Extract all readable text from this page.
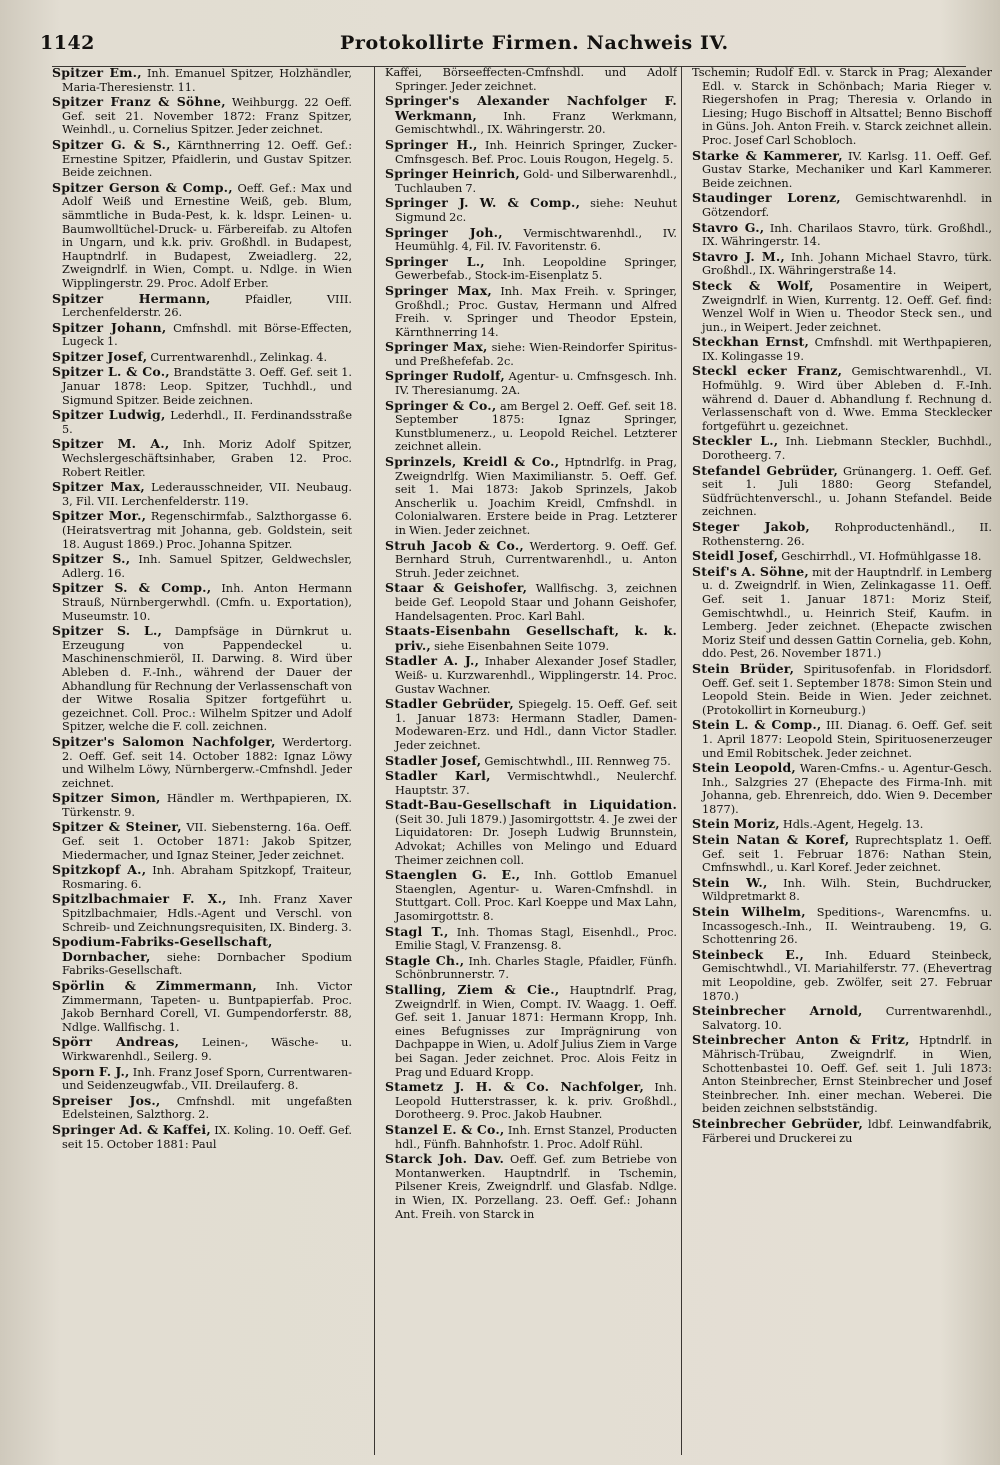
1142	Protokollirte Firmen. Nachweis IV.

Spitzer Em., Inh. Emanuel Spitzer, Holzhändler, Maria-Theresienstr. 11.

Spitzer Franz & Söhne, Weihburgg. 22 Oeff. Gef. seit 21. November 1872: Franz Spitzer, Weinhdl., u. Cornelius Spitzer. Jeder zeichnet.

Spitzer G. & S., Kärnthnerring 12. Oeff. Gef.: Ernestine Spitzer, Pfaidlerin, und Gustav Spitzer. Beide zeichnen.

Spitzer Gerson & Comp., Oeff. Gef.: Max und Adolf Weiß und Ernestine Weiß, geb. Blum, sämmtliche in Buda-Pest, k. k. ldspr. Leinen- u. Baumwolltüchel-Druck- u. Färbereifab. zu Altofen in Ungarn, und k.k. priv. Großhdl. in Budapest, Hauptndrlf. in Budapest, Zweiadlerg. 22, Zweigndrlf. in Wien, Compt. u. Ndlge. in Wien Wipplingerstr. 29. Proc. Adolf Erber.

Spitzer Hermann,	Pfaidler, VIII. Lerchenfelderstr. 26.

Spitzer Johann, Cmfnshdl. mit Börse-Effecten, Lugeck 1.

Spitzer Josef, Currentwarenhdl., Zelinkag. 4.

Spitzer L. & Co., Brandstätte 3. Oeff. Gef. seit 1. Januar 1878: Leop. Spitzer, Tuchhdl., und Sigmund Spitzer. Beide zeichnen.

Spitzer Ludwig, Lederhdl., II. Ferdinandsstraße 5.

Spitzer M. A., Inh. Moriz Adolf Spitzer, Wechslergeschäftsinhaber, Graben 12. Proc. Robert Reitler.

Spitzer Max, Lederausschneider, VII. Neubaug. 3, Fil. VII. Lerchenfelderstr. 119.

Spitzer Mor., Regenschirmfab., Salzthorgasse 6. (Heiratsvertrag mit Johanna, geb. Goldstein, seit 18. August 1869.) Proc. Johanna Spitzer.

Spitzer S., Inh. Samuel Spitzer, Geldwechsler, Adlerg. 16.

Spitzer S. & Comp., Inh. Anton Hermann Strauß, Nürnbergerwhdl. (Cmfn. u. Exportation), Museumstr. 10.

Spitzer S. L., Dampfsäge in Dürnkrut u. Erzeugung von Pappendeckel u. Maschinenschmieröl, II. Darwing. 8. Wird über Ableben d. F.-Inh., während der Dauer der Abhandlung für Rechnung der Verlassenschaft von der Witwe Rosalia Spitzer fortgeführt u. gezeichnet. Coll. Proc.: Wilhelm Spitzer und Adolf Spitzer, welche die F. coll. zeichnen.

Spitzer's Salomon Nachfolger, Werdertorg. 2. Oeff. Gef. seit 14. October 1882: Ignaz Löwy und Wilhelm Löwy, Nürnbergerw.-Cmfnshdl. Jeder zeichnet.

Spitzer Simon, Händler m. Werthpapieren, IX. Türkenstr. 9.

Spitzer & Steiner, VII. Siebensterng. 16a. Oeff. Gef. seit 1. October 1871: Jakob Spitzer, Miedermacher, und Ignaz Steiner, Jeder zeichnet.

Spitzkopf A., Inh. Abraham Spitzkopf, Traiteur, Rosmaring. 6.

Spitzlbachmaier F. X., Inh. Franz Xaver Spitzlbachmaier, Hdls.-Agent und Verschl. von Schreib- und Zeichnungsrequisiten, IX. Binderg. 3.

Spodium-Fabriks-Gesellschaft, Dornbacher, siehe: Dornbacher Spodium Fabriks-Gesellschaft.

Spörlin & Zimmermann, Inh. Victor Zimmermann, Tapeten- u. Buntpapierfab. Proc. Jakob Bernhard Corell, VI. Gumpendorferstr. 88, Ndlge. Wallfischg. 1.

Spörr Andreas, Leinen-, Wäsche- u. Wirkwarenhdl., Seilerg. 9.

Sporn F. J., Inh. Franz Josef Sporn, Currentwaren- und Seidenzeugwfab., VII. Dreilauferg. 8.

Spreiser Jos., Cmfnshdl. mit ungefaßten Edelsteinen, Salzthorg. 2.

Springer Ad. & Kaffei, IX. Koling. 10. Oeff. Gef. seit 15. October 1881: Paul

Kaffei, Börseeffecten-Cmfnshdl. und Adolf Springer. Jeder zeichnet.

Springer's Alexander Nachfolger F. Werkmann, Inh. Franz Werkmann, Gemischtwhdl., IX. Währingerstr. 20.

Springer H., Inh. Heinrich Springer, Zucker-Cmfnsgesch. Bef. Proc. Louis Rougon, Hegelg. 5.

Springer Heinrich, Gold- und Silberwarenhdl., Tuchlauben 7.

Springer J. W. & Comp., siehe: Neuhut Sigmund 2c.

Springer Joh., Vermischtwarenhdl., IV. Heumühlg. 4, Fil. IV. Favoritenstr. 6.

Springer L., Inh. Leopoldine Springer, Gewerbefab., Stock-im-Eisenplatz 5.

Springer Max, Inh. Max Freih. v. Springer, Großhdl.; Proc. Gustav, Hermann und Alfred Freih. v. Springer und Theodor Epstein, Kärnthnerring 14.

Springer Max, siehe: Wien-Reindorfer Spiritus- und Preßhefefab. 2c.

Springer Rudolf, Agentur- u. Cmfnsgesch. Inh. IV. Theresianumg. 2A.

Springer & Co., am Bergel 2. Oeff. Gef. seit 18. September 1875: Ignaz Springer, Kunstblumenerz., u. Leopold Reichel. Letzterer zeichnet allein.

Sprinzels, Kreidl & Co., Hptndrlfg. in Prag, Zweigndrlfg. Wien Maximilianstr. 5. Oeff. Gef. seit 1. Mai 1873: Jakob Sprinzels, Jakob Anscherlik u. Joachim Kreidl, Cmfnshdl. in Colonialwaren. Erstere beide in Prag. Letzterer in Wien. Jeder zeichnet.

Struh Jacob & Co., Werdertorg. 9. Oeff. Gef. Bernhard Struh, Currentwarenhdl., u. Anton Struh. Jeder zeichnet.

Staar & Geishofer, Wallfischg. 3, zeichnen beide Gef. Leopold Staar und Johann Geishofer, Handelsagenten. Proc. Karl Bahl.

Staats-Eisenbahn Gesellschaft, k. k. priv., siehe Eisenbahnen Seite 1079.

Stadler A. J., Inhaber Alexander Josef Stadler, Weiß- u. Kurzwarenhdl., Wipplingerstr. 14. Proc. Gustav Wachner.

Stadler Gebrüder, Spiegelg. 15. Oeff. Gef. seit 1. Januar 1873: Hermann Stadler, Damen-Modewaren-Erz. und Hdl., dann Victor Stadler. Jeder zeichnet.

Stadler Josef, Gemischtwhdl., III. Rennweg 75.

Stadler Karl, Vermischtwhdl., Neulerchf. Hauptstr. 37.

Stadt-Bau-Gesellschaft in Liquidation. (Seit 30. Juli 1879.) Jasomirgottstr. 4. Je zwei der Liquidatoren: Dr. Joseph Ludwig Brunnstein, Advokat; Achilles von Melingo und Eduard Theimer zeichnen coll.

Staenglen G. E., Inh. Gottlob Emanuel Staenglen, Agentur- u. Waren-Cmfnshdl. in Stuttgart. Coll. Proc. Karl Koeppe und Max Lahn, Jasomirgottstr. 8.

Stagl T., Inh. Thomas Stagl, Eisenhdl., Proc. Emilie Stagl, V. Franzensg. 8.

Stagle Ch., Inh. Charles Stagle, Pfaidler, Fünfh. Schönbrunnerstr. 7.

Stalling, Ziem & Cie., Hauptndrlf. Prag, Zweigndrlf. in Wien, Compt. IV. Waagg. 1. Oeff. Gef. seit 1. Januar 1871: Hermann Kropp, Inh. eines Befugnisses zur Imprägnirung von Dachpappe in Wien, u. Adolf Julius Ziem in Varge bei Sagan. Jeder zeichnet. Proc. Alois Feitz in Prag und Eduard Kropp.

Stametz J. H. & Co. Nachfolger, Inh. Leopold Hutterstrasser, k. k. priv. Großhdl., Dorotheerg. 9. Proc. Jakob Haubner.

Stanzel E. & Co., Inh. Ernst Stanzel, Producten hdl., Fünfh. Bahnhofstr. 1. Proc. Adolf Rühl.

Starck Joh. Dav. Oeff. Gef. zum Betriebe von Montanwerken. Hauptndrlf. in Tschemin, Pilsener Kreis, Zweigndrlf. und Glasfab. Ndlge. in Wien, IX. Porzellang. 23. Oeff. Gef.: Johann Ant. Freih. von Starck in

Tschemin; Rudolf Edl. v. Starck in Prag; Alexander Edl. v. Starck in Schönbach; Maria Rieger v. Riegershofen in Prag; Theresia v. Orlando in Liesing; Hugo Bischoff in Altsattel; Benno Bischoff in Güns. Joh. Anton Freih. v. Starck zeichnet allein. Proc. Josef Carl Schobloch.

Starke & Kammerer, IV. Karlsg. 11. Oeff. Gef. Gustav Starke, Mechaniker und Karl Kammerer. Beide zeichnen.

Staudinger Lorenz, Gemischtwarenhdl. in Götzendorf.

Stavro G., Inh. Charilaos Stavro, türk. Großhdl., IX. Währingerstr. 14.

Stavro J. M., Inh. Johann Michael Stavro, türk. Großhdl., IX. Währingerstraße 14.

Steck & Wolf, Posamentire in Weipert, Zweigndrlf. in Wien, Kurrentg. 12. Oeff. Gef. find: Wenzel Wolf in Wien u. Theodor Steck sen., und jun., in Weipert. Jeder zeichnet.

Steckhan Ernst, Cmfnshdl. mit Werthpapieren, IX. Kolingasse 19.

Steckl ecker Franz, Gemischtwarenhdl., VI. Hofmühlg. 9. Wird über Ableben d. F.-Inh. während d. Dauer d. Abhandlung f. Rechnung d. Verlassenschaft von d. Wwe. Emma Stecklecker fortgeführt u. gezeichnet.

Steckler L., Inh. Liebmann Steckler, Buchhdl., Dorotheerg. 7.

Stefandel Gebrüder, Grünangerg. 1. Oeff. Gef. seit 1. Juli 1880: Georg Stefandel, Südfrüchtenverschl., u. Johann Stefandel. Beide zeichnen.

Steger Jakob, Rohproductenhändl., II. Rothensterng. 26.

Steidl Josef, Geschirrhdl., VI. Hofmühlgasse 18.

Steif's A. Söhne, mit der Hauptndrlf. in Lemberg u. d. Zweigndrlf. in Wien, Zelinkagasse 11. Oeff. Gef. seit 1. Januar 1871: Moriz Steif, Gemischtwhdl., u. Heinrich Steif, Kaufm. in Lemberg. Jeder zeichnet. (Ehepacte zwischen Moriz Steif und dessen Gattin Cornelia, geb. Kohn, ddo. Pest, 26. November 1871.)

Stein Brüder, Spiritusofenfab. in Floridsdorf. Oeff. Gef. seit 1. September 1878: Simon Stein und Leopold Stein. Beide in Wien. Jeder zeichnet. (Protokollirt in Korneuburg.)

Stein L. & Comp., III. Dianag. 6. Oeff. Gef. seit 1. April 1877: Leopold Stein, Spirituosenerzeuger und Emil Robitschek. Jeder zeichnet.

Stein Leopold, Waren-Cmfns.- u. Agentur-Gesch. Inh., Salzgries 27 (Ehepacte des Firma-Inh. mit Johanna, geb. Ehrenreich, ddo. Wien 9. December 1877).

Stein Moriz, Hdls.-Agent, Hegelg. 13.

Stein Natan & Koref, Ruprechtsplatz 1. Oeff. Gef. seit 1. Februar 1876: Nathan Stein, Cmfnswhdl., u. Karl Koref. Jeder zeichnet.

Stein W., Inh. Wilh. Stein, Buchdrucker, Wildpretmarkt 8.

Stein Wilhelm, Speditions-, Warencmfns. u. Incassogesch.-Inh., II. Weintraubeng. 19, G. Schottenring 26.

Steinbeck E., Inh. Eduard Steinbeck, Gemischtwhdl., VI. Mariahilferstr. 77. (Ehevertrag mit Leopoldine, geb. Zwölfer, seit 27. Februar 1870.)

Steinbrecher Arnold, Currentwarenhdl., Salvatorg. 10.

Steinbrecher Anton & Fritz, Hptndrlf. in Mährisch-Trübau, Zweigndrlf. in Wien, Schottenbastei 10. Oeff. Gef. seit 1. Juli 1873: Anton Steinbrecher, Ernst Steinbrecher und Josef Steinbrecher. Inh. einer mechan. Weberei. Die beiden zeichnen selbstständig.

Steinbrecher Gebrüder, ldbf. Leinwandfabrik, Färberei und Druckerei zu
